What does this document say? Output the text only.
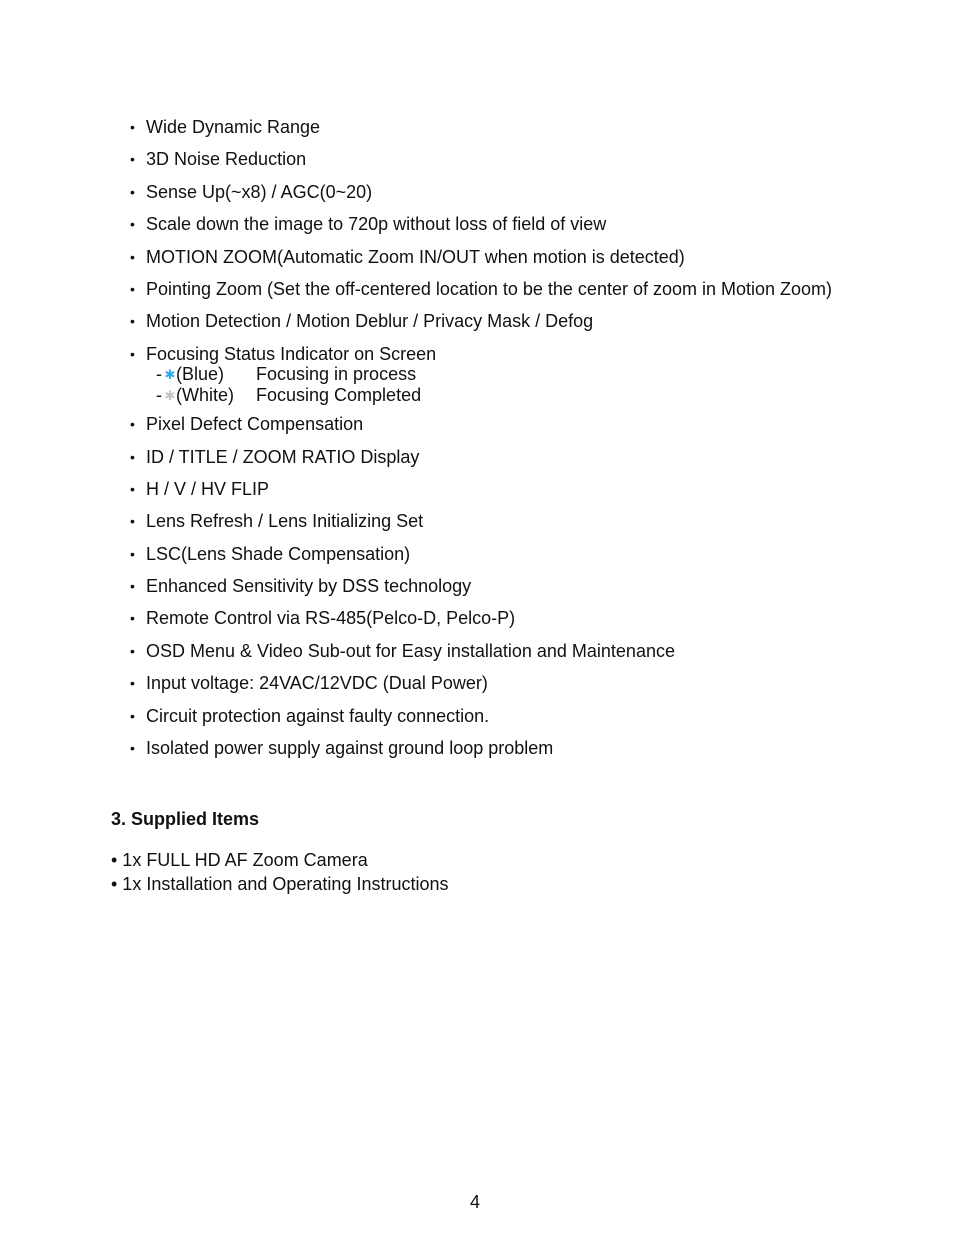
• Wide Dynamic Range
• 3D Noise Reduction
• Sense Up(~x8) / AGC(0~20)
• Scale down the image to 720p without loss of field of view
• MOTION ZOOM(Automatic Zoom IN/OUT when motion is detected)
• Pointing Zoom (Set the off-centered location to be the center of zoom in Motion Zoom)
• Motion Detection / Motion Deblur / Privacy Mask / Defog
• Focusing Status Indicator on Screen
- ✱ (Blue)	Focusing in process
- ✱ (White)	Focusing Completed
• Pixel Defect Compensation
• ID / TITLE / ZOOM RATIO Display
• H / V / HV FLIP
• Lens Refresh / Lens Initializing Set
• LSC(Lens Shade Compensation)
• Enhanced Sensitivity by DSS technology
• Remote Control via RS-485(Pelco-D, Pelco-P)
• OSD Menu & Video Sub-out for Easy installation and Maintenance
• Input voltage: 24VAC/12VDC (Dual Power)
• Circuit protection against faulty connection.
• Isolated power supply against ground loop problem
3. Supplied Items
• 1x FULL HD AF Zoom Camera
• 1x Installation and Operating Instructions
4
